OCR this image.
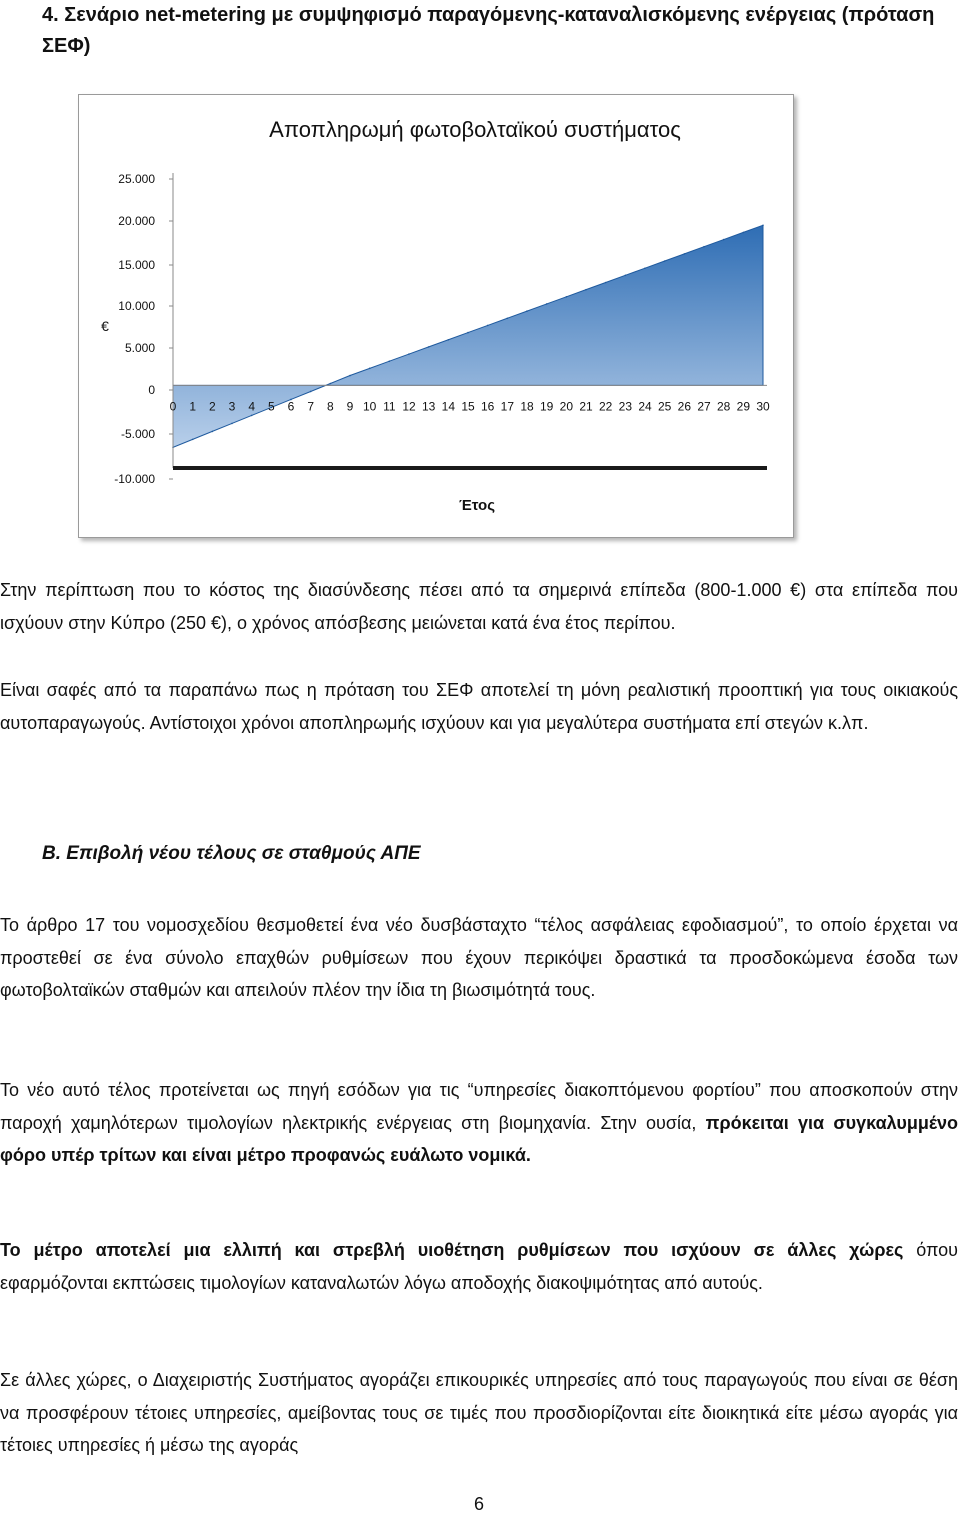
4. Σενάριο net-metering με συμψηφισμό παραγόμενης-καταναλισκόμενης ενέργειας (πρόταση ΣΕΦ)
25.000
20.000
15.000
10.000
5.000
0
-5.000
-10.000
0 1 2 3 4 5 6 7 8 9 10 11 12 13 14 15 16 17 18 19 20 21 22 23 24 25 26 27 28 29 30
Αποπληρωμή φωτοβολταϊκού συστήματος
€
Έτος

Στην περίπτωση που το κόστος της διασύνδεσης πέσει από τα σημερινά επίπεδα (800-1.000 €) στα επίπεδα που ισχύουν στην Κύπρο (250 €), ο χρόνος απόσβεσης μειώνεται κατά ένα έτος περίπου.

Είναι σαφές από τα παραπάνω πως η πρόταση του ΣΕΦ αποτελεί τη μόνη ρεαλιστική προοπτική για τους οικιακούς αυτοπαραγωγούς. Αντίστοιχοι χρόνοι αποπληρωμής ισχύουν και για μεγαλύτερα συστήματα επί στεγών κ.λπ.

Β. Επιβολή νέου τέλους σε σταθμούς ΑΠΕ

Το άρθρο 17 του νομοσχεδίου θεσμοθετεί ένα νέο δυσβάσταχτο “τέλος ασφάλειας εφοδιασμού”, το οποίο έρχεται να προστεθεί σε ένα σύνολο επαχθών ρυθμίσεων που έχουν περικόψει δραστικά τα προσδοκώμενα έσοδα των φωτοβολταϊκών σταθμών και απειλούν πλέον την ίδια τη βιωσιμότητά τους.

Το νέο αυτό τέλος προτείνεται ως πηγή εσόδων για τις “υπηρεσίες διακοπτόμενου φορτίου” που αποσκοπούν στην παροχή χαμηλότερων τιμολογίων ηλεκτρικής ενέργειας στη βιομηχανία. Στην ουσία, πρόκειται για συγκαλυμμένο φόρο υπέρ τρίτων και είναι μέτρο προφανώς ευάλωτο νομικά.

Το μέτρο αποτελεί μια ελλιπή και στρεβλή υιοθέτηση ρυθμίσεων που ισχύουν σε άλλες χώρες όπου εφαρμόζονται εκπτώσεις τιμολογίων καταναλωτών λόγω αποδοχής διακοψιμότητας από αυτούς.

Σε άλλες χώρες, ο Διαχειριστής Συστήματος αγοράζει επικουρικές υπηρεσίες από τους παραγωγούς που είναι σε θέση να προσφέρουν τέτοιες υπηρεσίες, αμείβοντας τους σε τιμές που προσδιορίζονται είτε διοικητικά είτε μέσω αγοράς για τέτοιες υπηρεσίες ή μέσω της αγοράς

6
